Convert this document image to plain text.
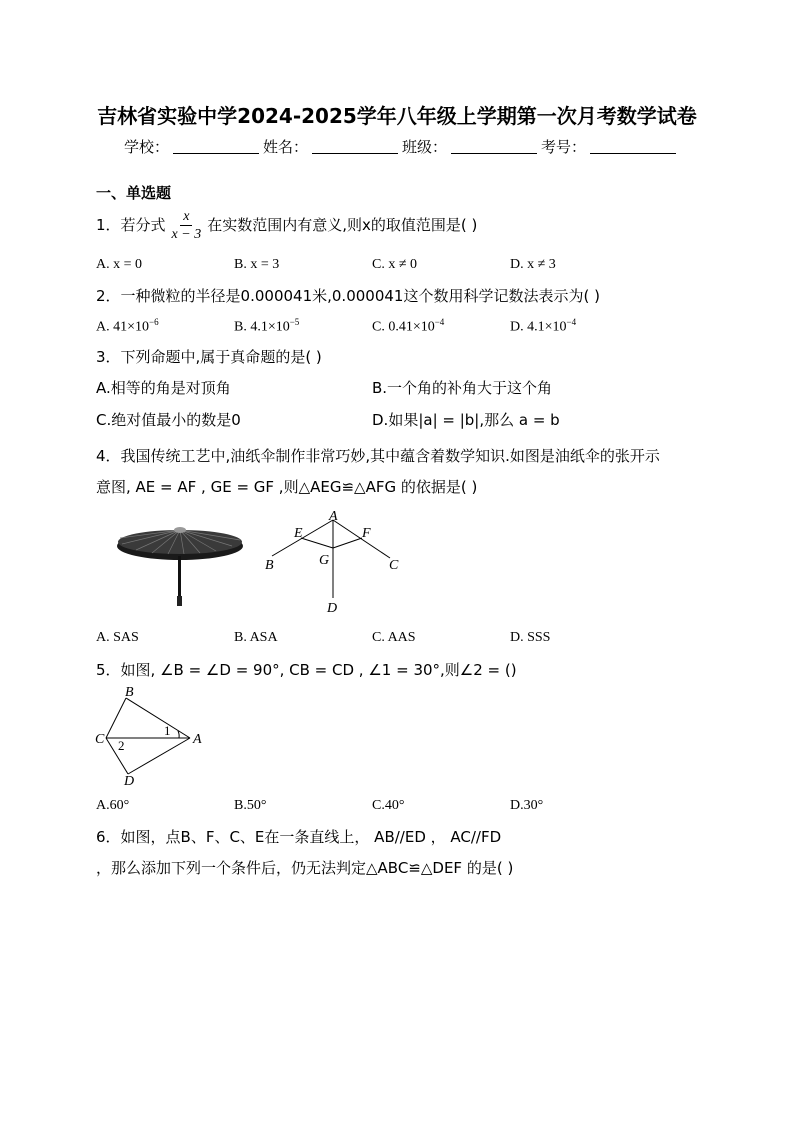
吉林省实验中学2024-2025学年八年级上学期第一次月考数学试卷
学校：	姓名：	班级：	考号：
一、单选题
1．若分式 $\frac{x}{x - 3}$ 在实数范围内有意义,则x的取值范围是( )
A. x = 0	B. x = 3	C. x ≠ 0	D. x ≠ 3
2．一种微粒的半径是0.000041米,0.000041这个数用科学记数法表示为( )
A. $41\times 10^{-6}$	B. $4.1\times 10^{-5}$	C. $0.41\times 10^{-4}$	D. $4.1\times 10^{-4}$
3．下列命题中,属于真命题的是( )
A.相等的角是对顶角	B.一个角的补角大于这个角
C.绝对值最小的数是0	D.如果|a| = |b|,那么 a = b
4．我国传统工艺中,油纸伞制作非常巧妙,其中蕴含着数学知识.如图是油纸伞的张开示
意图, AE = AF , GE = GF ,则△AEG≌△AFG 的依据是( )
A
E	F
G
B	C
D
A. SAS	B. ASA	C. AAS	D. SSS
5．如图, ∠B = ∠D = 90°, CB = CD , ∠1 = 30°,则∠2 = ()
B
C	A
D
1
2
A.60°	B.50°	C.40°	D.30°
6．如图，点B、F、C、E在一条直线上， AB//ED ， AC//FD
，那么添加下列一个条件后，仍无法判定△ABC≌△DEF 的是( )
